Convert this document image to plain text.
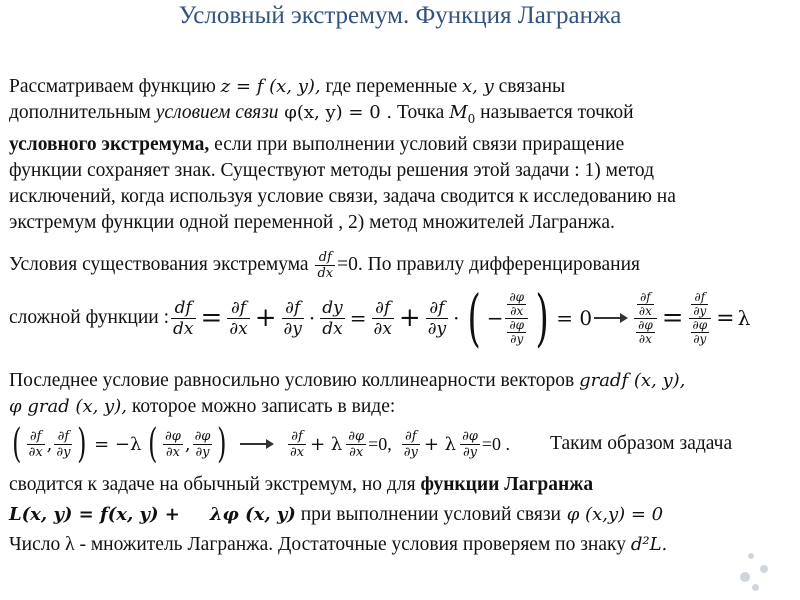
Условный экстремум. Функция Лагранжа
Рассматриваем функцию z = f (x, y), где переменные x, y связаны
дополнительным условием связи φ(x, y) = 0 . Точка $M_0$ называется точкой
условного экстремума, если при выполнении условий связи приращение
функции сохраняет знак. Существуют методы решения этой задачи : 1) метод
исключений, когда используя условие связи, задача сводится к исследованию на
экстремум функции одной переменной , 2) метод множителей Лагранжа.
Условия существования экстремума $\frac{df}{dx} =0$. По правилу дифференцирования
сложной функции : $\frac{df}{dx} = \frac{\partial f}{\partial x} + \frac{\partial f}{\partial y} \cdot \frac{dy}{dx} = \frac{\partial f}{\partial x} + \frac{\partial f}{\partial y}$ · ( − $\frac{\frac{\partial\varphi}{\partial x}}{\frac{\partial\varphi}{\partial y}}$ ) = 0	$\frac{\frac{\partial f}{\partial x}}{\frac{\partial\varphi}{\partial x}} = \frac{\frac{\partial f}{\partial y}}{\frac{\partial\varphi}{\partial y}} = \lambda$
Последнее условие равносильно условию коллинеарности векторов gradf (x, y),
φ grad (x, y), которое можно записать в виде:
( $\frac{\partial f}{\partial x}$ , $\frac{\partial f}{\partial y}$ ) = −λ ( $\frac{\partial\varphi}{\partial x}$ , $\frac{\partial\varphi}{\partial y}$ )	$\frac{\partial f}{\partial x} + \lambda \frac{\partial\varphi}{\partial x} =0$, $\frac{\partial f}{\partial y} + \lambda \frac{\partial\varphi}{\partial y} =0$ . Таким образом задача
сводится к задаче на обычный экстремум, но для функции Лагранжа
L(x, y) = f(x, y) + λφ (x, y) при выполнении условий связи φ (x,y) = 0
Число λ - множитель Лагранжа. Достаточные условия проверяем по знаку d²L.
